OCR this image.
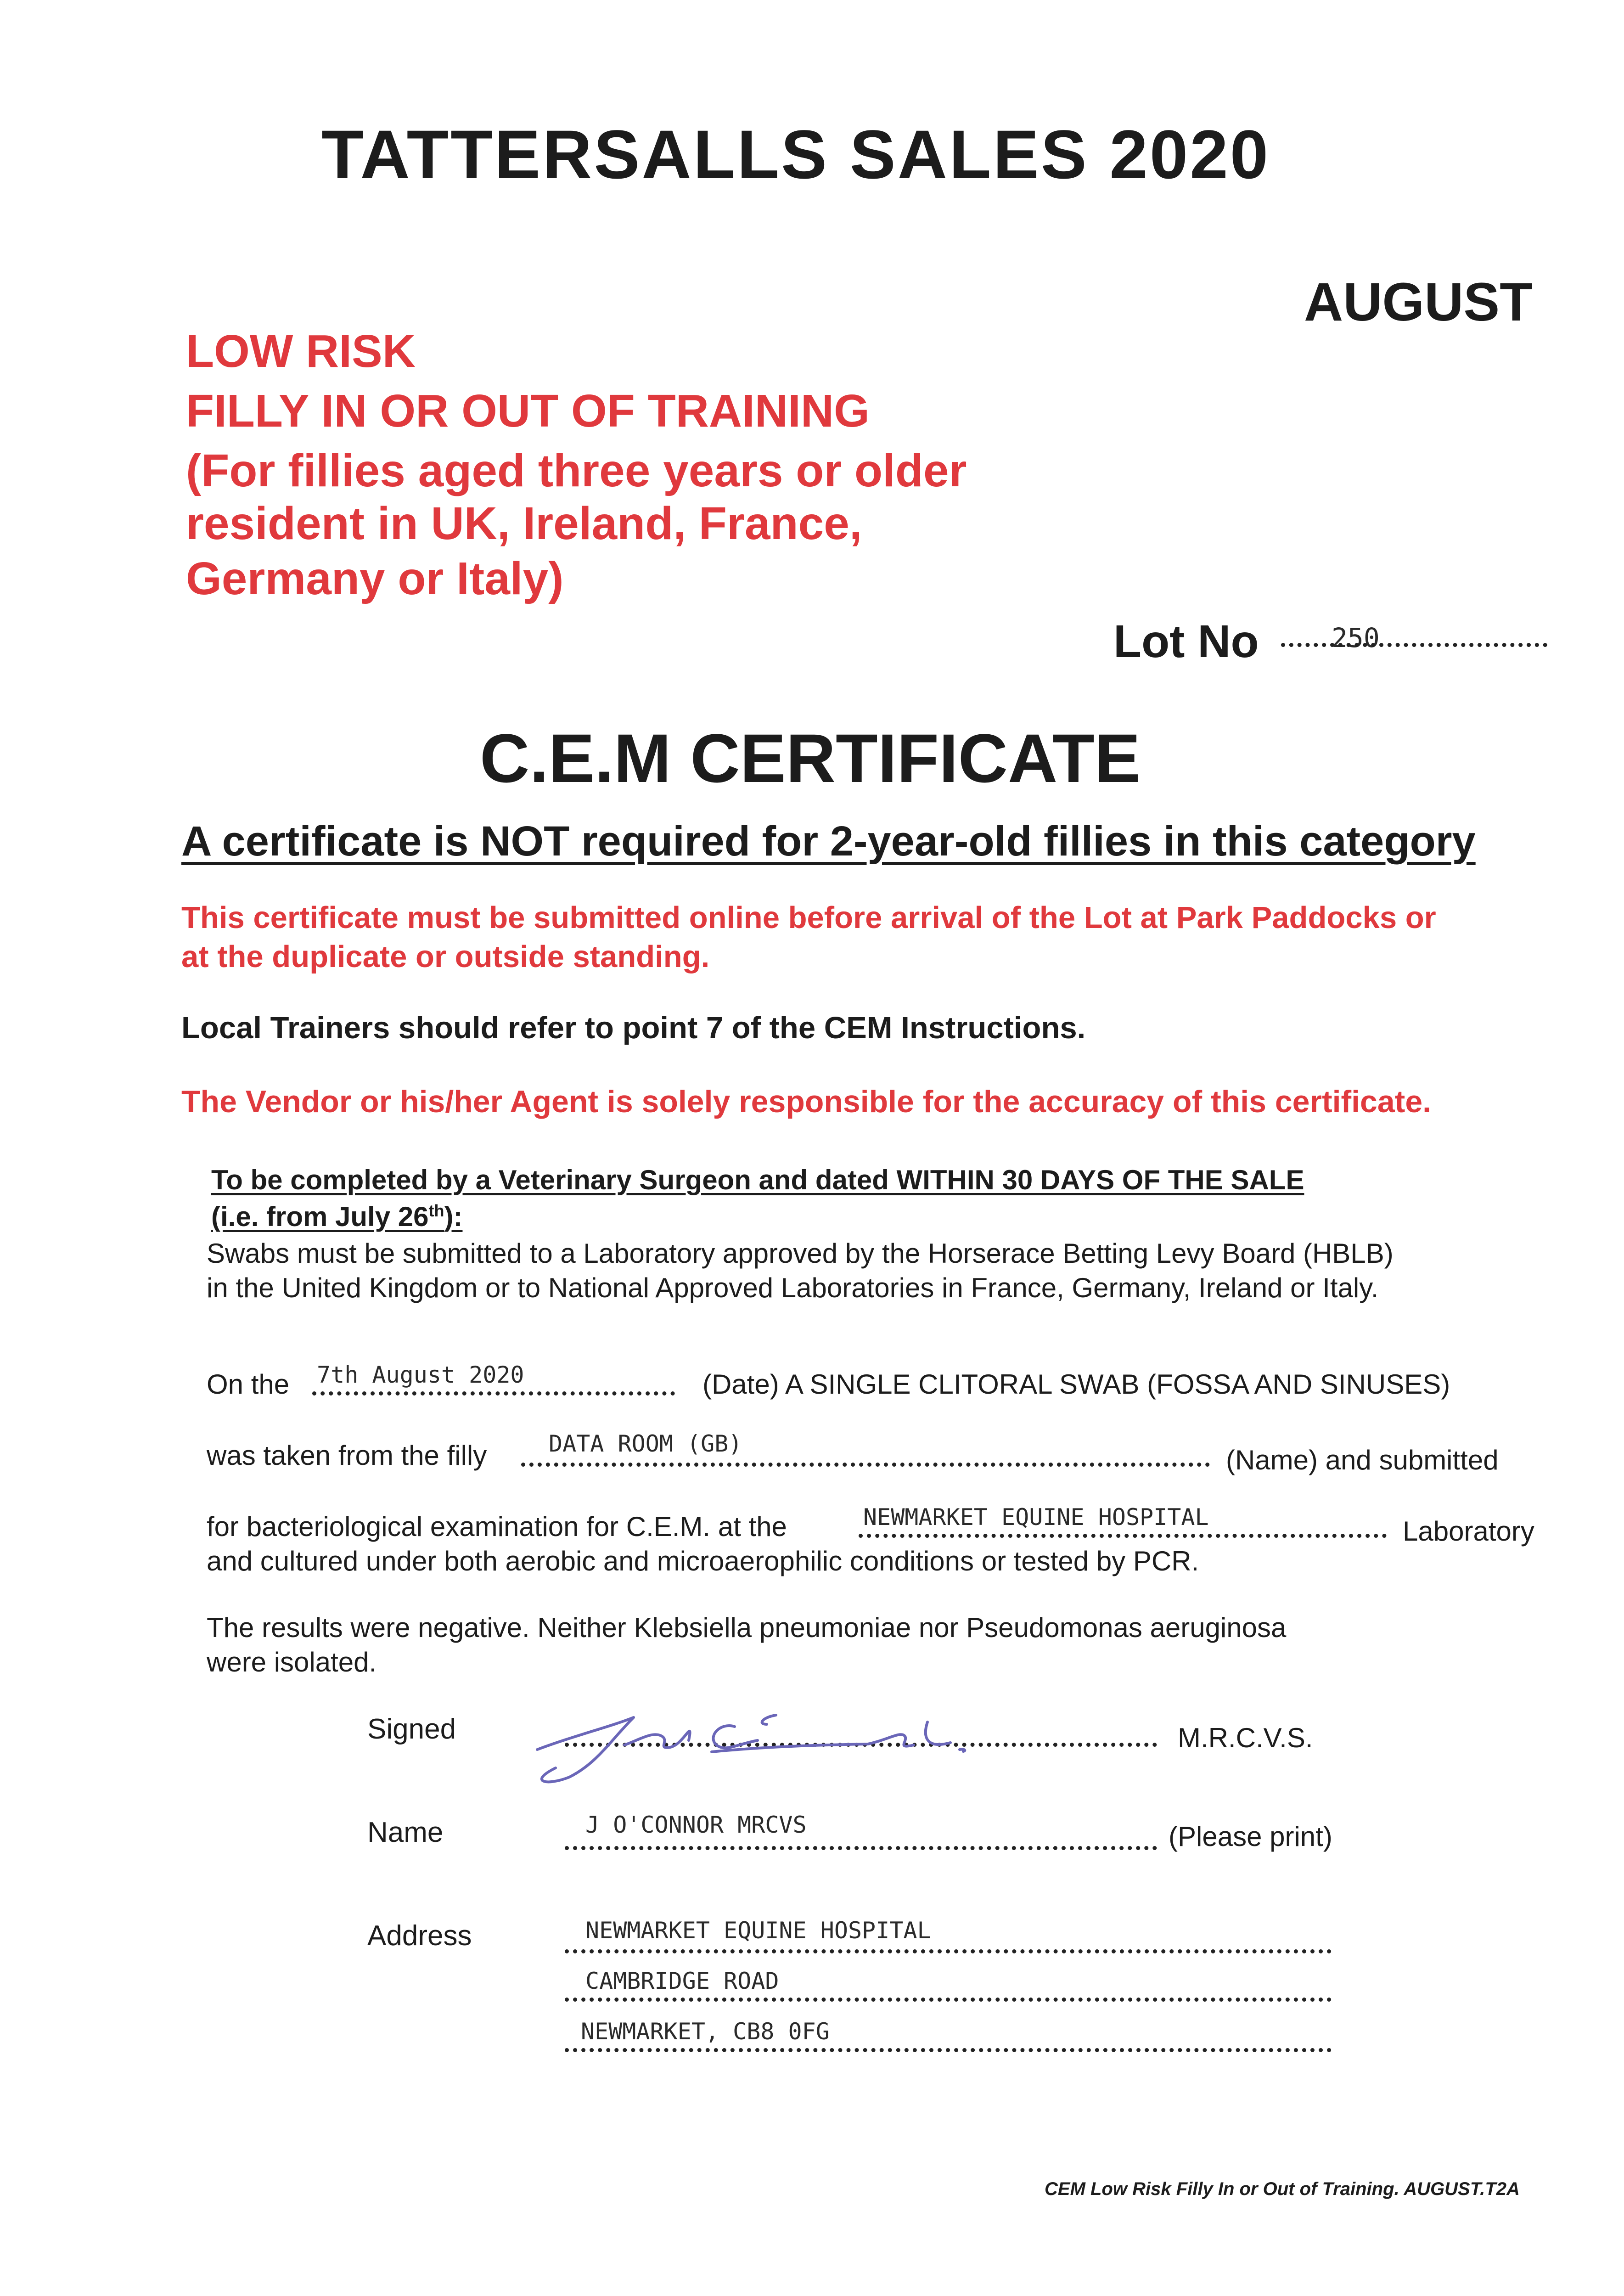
TATTERSALLS SALES 2020
AUGUST
LOW RISK
FILLY IN OR OUT OF TRAINING
(For fillies aged three years or older
resident in UK, Ireland, France,
Germany or Italy)
Lot No	250
C.E.M CERTIFICATE
A certificate is NOT required for 2-year-old fillies in this category
This certificate must be submitted online before arrival of the Lot at Park Paddocks or
at the duplicate or outside standing.
Local Trainers should refer to point 7 of the CEM Instructions.
The Vendor or his/her Agent is solely responsible for the accuracy of this certificate.
To be completed by a Veterinary Surgeon and dated WITHIN 30 DAYS OF THE SALE
(i.e. from July 26th):
Swabs must be submitted to a Laboratory approved by the Horserace Betting Levy Board (HBLB)
in the United Kingdom or to National Approved Laboratories in France, Germany, Ireland or Italy.
On the 7th August 2020	(Date) A SINGLE CLITORAL SWAB (FOSSA AND SINUSES)
was taken from the filly	DATA ROOM (GB)
(Name) and submitted
for bacteriological examination for C.E.M. at the	NEWMARKET EQUINE HOSPITAL	Laboratory
and cultured under both aerobic and microaerophilic conditions or tested by PCR.
The results were negative. Neither Klebsiella pneumoniae nor Pseudomonas aeruginosa
were isolated.
Signed	M.R.C.V.S.
Name	J O'CONNOR MRCVS	(Please print)
Address	NEWMARKET EQUINE HOSPITAL
CAMBRIDGE ROAD
NEWMARKET, CB8 0FG
CEM Low Risk Filly In or Out of Training. AUGUST.T2A
